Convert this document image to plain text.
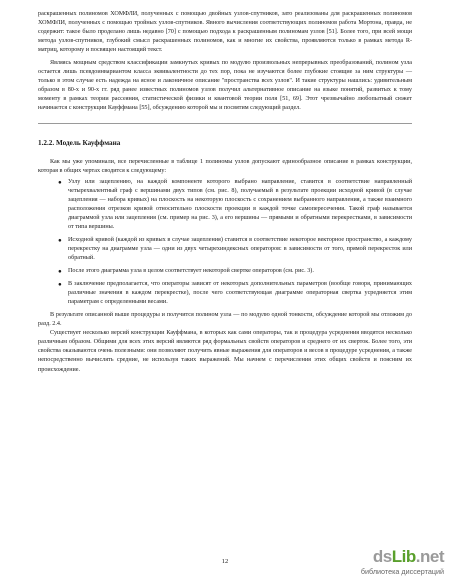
раскрашенных полиномов ХОМФЛИ, полученных с помощью двойных узлов-спутников, зато реализованы для раскрашенных полиномов ХОМФЛИ, полученных с помощью тройных узлов-спутников. Явного вычисления соответствующих полиномов работа Мортона, правда, не содержит: такое было проделано лишь недавно [70] с помощью подхода к раскрашенным полиномам узлов [51]. Более того, при всей мощи метода узлов-спутников, глубокий смысл раскрашенных полиномов, как и многие их свойства, проявляются только в рамках метода R-матриц, которому и посвящен настоящий текст.

Являясь мощным средством классификации замкнутых кривых по модулю произвольных непрерывных преобразований, полином узла остается лишь псевдоинвариантом класса эквивалентности до тех пор, пока не изучаются более глубокие стоящие за ним структуры — только в этом случае есть надежда на ясное и лаконичное описание "пространства всех узлов". И такие структуры нашлись: удивительным образом в 80-х и 90-х гг. ряд ранее известных полиномов узлов получил альтернативное описание на языке понятий, развитых к тому моменту в рамках теории рассеяния, статистической физики и квантовой теории поля [51, 69]. Этот чрезвычайно любопытный сюжет начинается с конструкции Кауффмана [55], обсуждению которой мы и посвятим следующий раздел.

1.2.2. Модель Кауффмана

Как мы уже упоминали, все перечисленные в таблице 1 полиномы узлов допускают единообразное описание в рамках конструкции, которая в общих чертах сводится к следующему:

● Узлу или зацеплению, на каждой компоненте которого выбрано направление, ставится в соответствие направленный четырехвалентный граф с вершинами двух типов (см. рис. 8), получаемый в результате проекции исходной кривой (в случае зацепления — набора кривых) на плоскость на некоторую плоскость с сохранением выбранного направления, а также взаимного расположения отрезков кривой относительно плоскости проекции в каждой точке самопересечения. Такой граф называется диаграммой узла или зацепления (см. пример на рис. 3), а его вершины — прямыми и обратными перекрестками, в зависимости от типа вершины.

● Исходной кривой (каждой из кривых в случае зацепления) ставится в соответствие некоторое векторное пространство, а каждому перекрестку на диаграмме узла — одни из двух четырехиндексных операторов: в зависимости от того, прямой перекресток или обратный.

● После этого диаграмма узла в целом соответствует некоторой свертке операторов (см. рис. 3).

● В заключение предполагается, что операторы зависят от некоторых дополнительных параметров (вообще говоря, принимающих различные значения в каждом перекрестке), после чего соответствующая диаграмме операторная свертка усредняется этим параметрам с определенными весами.

В результате описанной выше процедуры и получится полином узла — по модулю одной тонкости, обсуждение которой мы отложим до разд. 2.4.

Существует несколько версий конструкции Кауффмана, в которых как сами операторы, так и процедура усреднения вводятся несколько различным образом. Общими для всех этих версий являются ряд формальных свойств операторов и среднего от их сверток. Более того, эти свойства оказываются очень полезными: они позволяют получить явные выражения для операторов и весов в процедуре усреднения, а также непосредственно вычислять средние, не используя таких выражений. Мы начнем с перечисления этих общих свойств и поясним их происхождение.

12	dsLib.net
библиотека диссертаций
